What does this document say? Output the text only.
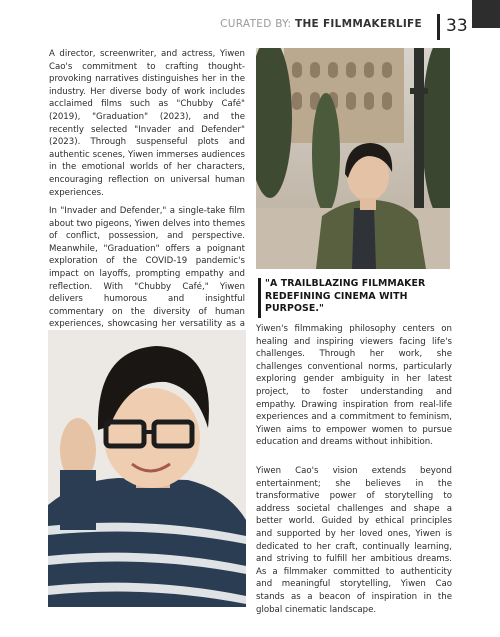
CURATED BY: THE FILMMAKERLIFE 33

A director, screenwriter, and actress, Yiwen Cao's commitment to crafting thought-provoking narratives distinguishes her in the industry. Her diverse body of work includes acclaimed films such as "Chubby Café" (2019), "Graduation" (2023), and the recently selected "Invader and Defender" (2023). Through suspenseful plots and authentic scenes, Yiwen immerses audiences in the emotional worlds of her characters, encouraging reflection on universal human experiences.

In "Invader and Defender," a single-take film about two pigeons, Yiwen delves into themes of conflict, possession, and perspective. Meanwhile, "Graduation" offers a poignant exploration of the COVID-19 pandemic's impact on layoffs, prompting empathy and reflection. With "Chubby Café," Yiwen delivers humorous and insightful commentary on the diversity of human experiences, showcasing her versatility as a

"A TRAILBLAZING FILMMAKER REDEFINING CINEMA WITH PURPOSE."

Yiwen's filmmaking philosophy centers on healing and inspiring viewers facing life's challenges. Through her work, she challenges conventional norms, particularly exploring gender ambiguity in her latest project, to foster understanding and empathy. Drawing inspiration from real-life experiences and a commitment to feminism, Yiwen aims to empower women to pursue education and dreams without inhibition.

Yiwen Cao's vision extends beyond entertainment; she believes in the transformative power of storytelling to address societal challenges and shape a better world. Guided by ethical principles and supported by her loved ones, Yiwen is dedicated to her craft, continually learning, and striving to fulfill her ambitious dreams. As a filmmaker committed to authenticity and meaningful storytelling, Yiwen Cao stands as a beacon of inspiration in the global cinematic landscape.
